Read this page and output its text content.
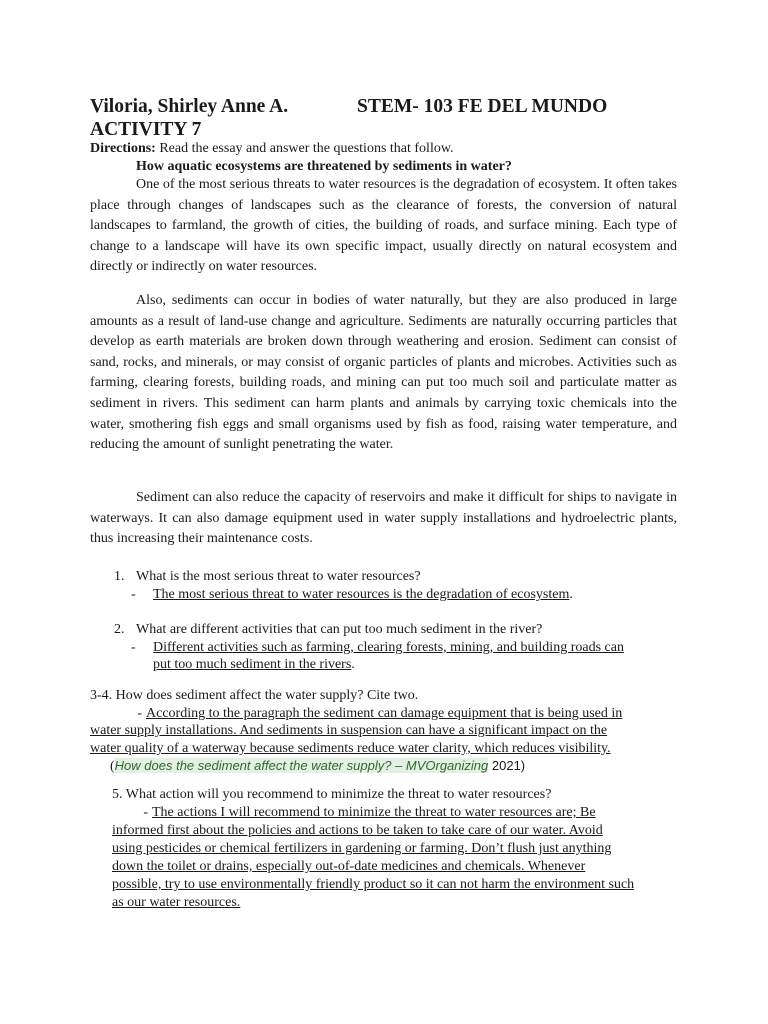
Viloria, Shirley Anne A.	STEM- 103 FE DEL MUNDO
ACTIVITY 7
Directions: Read the essay and answer the questions that follow.
How aquatic ecosystems are threatened by sediments in water?

One of the most serious threats to water resources is the degradation of ecosystem. It often takes place through changes of landscapes such as the clearance of forests, the conversion of natural landscapes to farmland, the growth of cities, the building of roads, and surface mining. Each type of change to a landscape will have its own specific impact, usually directly on natural ecosystem and directly or indirectly on water resources.

Also, sediments can occur in bodies of water naturally, but they are also produced in large amounts as a result of land-use change and agriculture. Sediments are naturally occurring particles that develop as earth materials are broken down through weathering and erosion. Sediment can consist of sand, rocks, and minerals, or may consist of organic particles of plants and microbes. Activities such as farming, clearing forests, building roads, and mining can put too much soil and particulate matter as sediment in rivers. This sediment can harm plants and animals by carrying toxic chemicals into the water, smothering fish eggs and small organisms used by fish as food, raising water temperature, and reducing the amount of sunlight penetrating the water.

Sediment can also reduce the capacity of reservoirs and make it difficult for ships to navigate in waterways. It can also damage equipment used in water supply installations and hydroelectric plants, thus increasing their maintenance costs.

1. What is the most serious threat to water resources?
- The most serious threat to water resources is the degradation of ecosystem.
2. What are different activities that can put too much sediment in the river?
- Different activities such as farming, clearing forests, mining, and building roads can
put too much sediment in the rivers.
3-4. How does sediment affect the water supply? Cite two.
- According to the paragraph the sediment can damage equipment that is being used in
water supply installations. And sediments in suspension can have a significant impact on the
water quality of a waterway because sediments reduce water clarity, which reduces visibility.
(How does the sediment affect the water supply? – MVOrganizing 2021)
5. What action will you recommend to minimize the threat to water resources?
- The actions I will recommend to minimize the threat to water resources are; Be
informed first about the policies and actions to be taken to take care of our water. Avoid
using pesticides or chemical fertilizers in gardening or farming. Don’t flush just anything
down the toilet or drains, especially out-of-date medicines and chemicals. Whenever
possible, try to use environmentally friendly product so it can not harm the environment such
as our water resources.
